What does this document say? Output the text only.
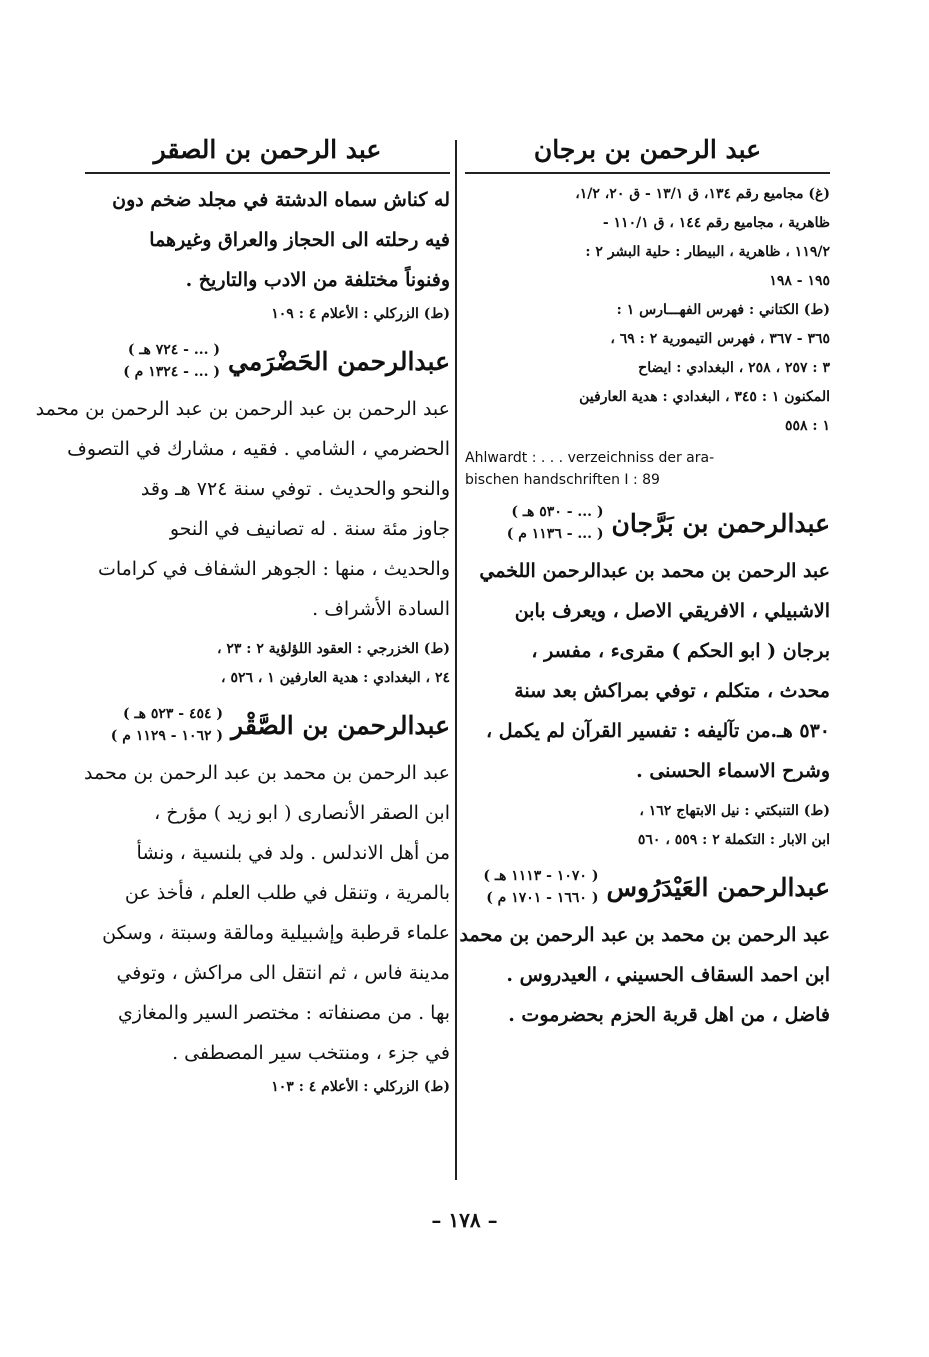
عبد الرحمن بن برجان
(غ) مجاميع رقم ١٣٤، ق ١٣/١ - ق ٢٠، ١/٢،
ظاهرية ، مجاميع رقم ١٤٤ ، ق ١١٠/١ -
١١٩/٢ ، ظاهرية ، البيطار : حلية البشر ٢ :
١٩٥ - ١٩٨
(ط) الكتاني : فهرس الفهـــارس ١ :
٣٦٥ - ٣٦٧ ، فهرس التيمورية ٢ : ٦٩ ،
٣ : ٢٥٧ ، ٢٥٨ ، البغدادي : ايضاح
المكنون ١ : ٣٤٥ ، البغدادي : هدية العارفين
١ : ٥٥٨
Ahlwardt : . . . verzeichniss der ara-
bischen handschriften I : 89
عبدالرحمن بن بَرَّجان
( ... - ٥٣٠ هـ )
( ... - ١١٣٦ م )
عبد الرحمن بن محمد بن عبدالرحمن اللخمي
الاشبيلي ، الافريقي الاصل ، ويعرف بابن
برجان ( ابو الحكم ) مقرىء ، مفسر ،
محدث ، متكلم ، توفي بمراكش بعد سنة
٥٣٠ هـ.من تآليفه : تفسير القرآن لم يكمل ،
وشرح الاسماء الحسنى .
(ط) التنبكتي : نيل الابتهاج ١٦٢ ،
ابن الابار : التكملة ٢ : ٥٥٩ ، ٥٦٠
عبدالرحمن العَيْدَرُوس
( ١٠٧٠ - ١١١٣ هـ )
( ١٦٦٠ - ١٧٠١ م )
عبد الرحمن بن محمد بن عبد الرحمن بن محمد
ابن احمد السقاف الحسيني ، العيدروس .
فاضل ، من اهل قربة الحزم بحضرموت .
عبد الرحمن بن الصقر
له كناش سماه الدشتة في مجلد ضخم دون
فيه رحلته الى الحجاز والعراق وغيرهما
وفنوناً مختلفة من الادب والتاريخ .
(ط) الزركلي : الأعلام ٤ : ١٠٩
عبدالرحمن الحَضْرَمي
( ... - ٧٢٤ هـ )
( ... - ١٣٢٤ م )
عبد الرحمن بن عبد الرحمن بن عبد الرحمن بن محمد
الحضرمي ، الشامي . فقيه ، مشارك في التصوف
والنحو والحديث . توفي سنة ٧٢٤ هـ وقد
جاوز مئة سنة . له تصانيف في النحو
والحديث ، منها : الجوهر الشفاف في كرامات
السادة الأشراف .
(ط) الخزرجي : العقود اللؤلؤية ٢ : ٢٣ ،
٢٤ ، البغدادي : هدية العارفين ١ ، ٥٢٦ ،
عبدالرحمن بن الصَّقْر
( ٤٥٤ - ٥٢٣ هـ )
( ١٠٦٢ - ١١٢٩ م )
عبد الرحمن بن محمد بن عبد الرحمن بن محمد
ابن الصقر الأنصارى ( ابو زيد ) مؤرخ ،
من أهل الاندلس . ولد في بلنسية ، ونشأ
بالمرية ، وتنقل في طلب العلم ، فأخذ عن
علماء قرطبة وإشبيلية ومالقة وسبتة ، وسكن
مدينة فاس ، ثم انتقل الى مراكش ، وتوفي
بها . من مصنفاته : مختصر السير والمغازي
في جزء ، ومنتخب سير المصطفى .
(ط) الزركلي : الأعلام ٤ : ١٠٣
– ١٧٨ –
